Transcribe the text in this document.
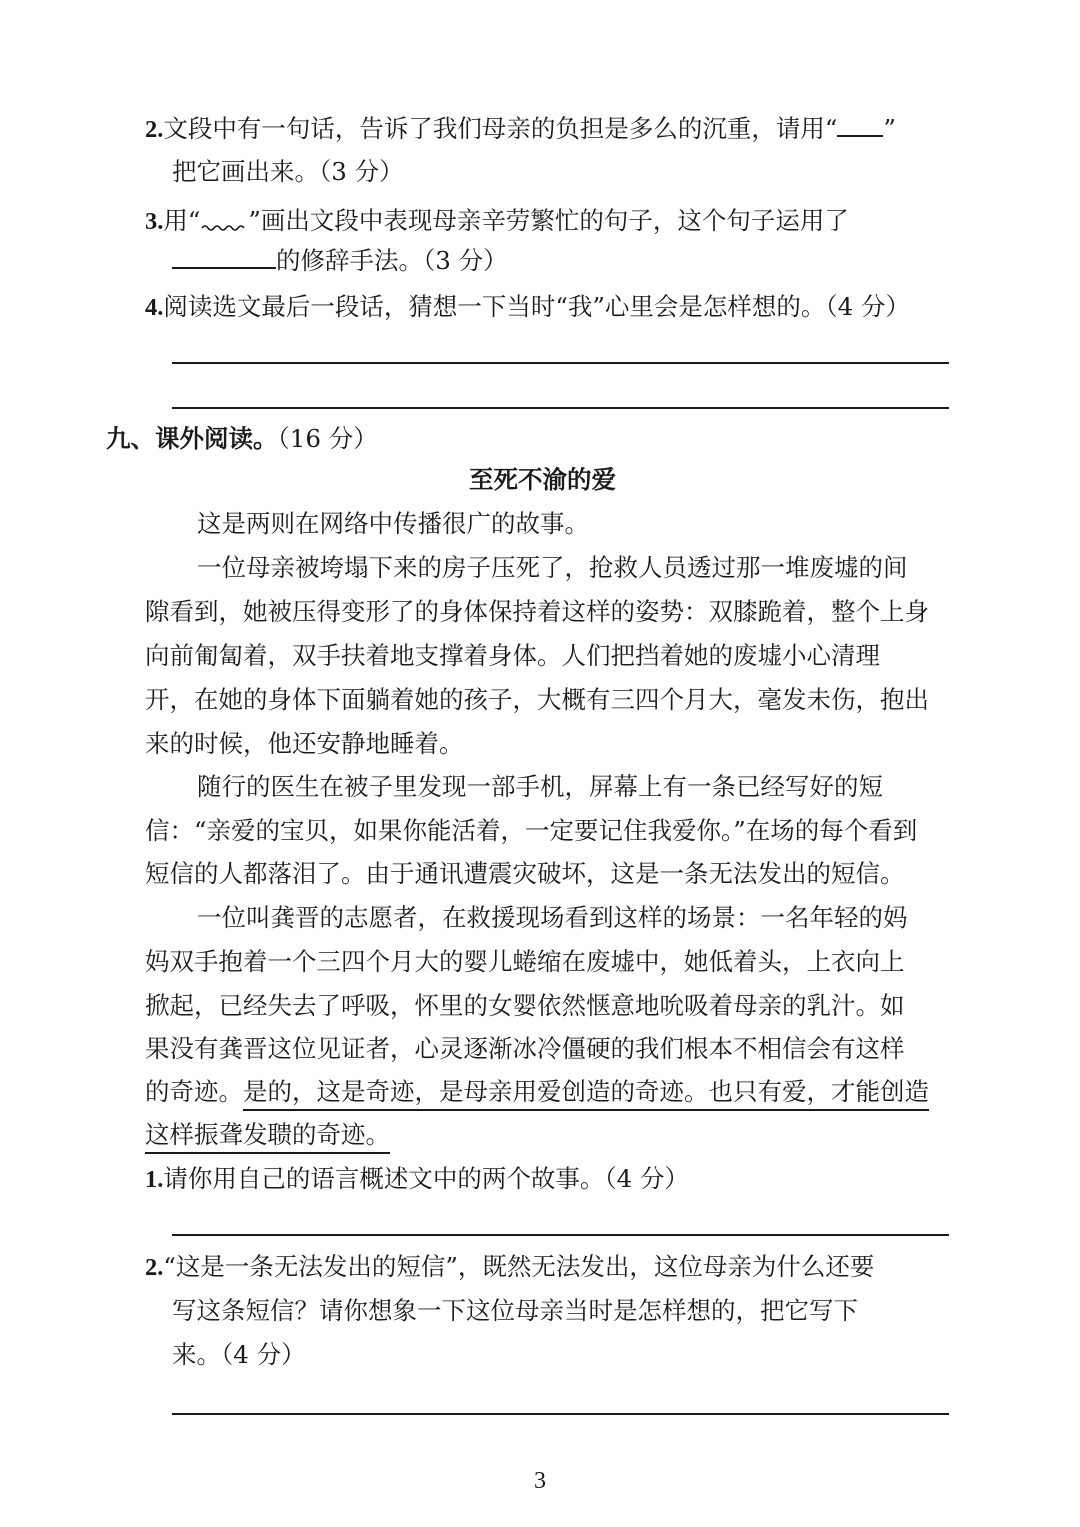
2.文段中有一句话，告诉了我们母亲的负担是多么的沉重，请用“ ”
把它画出来。（3 分）
3.用“ ”画出文段中表现母亲辛劳繁忙的句子，这个句子运用了
的修辞手法。（3 分）
4.阅读选文最后一段话，猜想一下当时“我”心里会是怎样想的。（4 分）
九、课外阅读。（16 分）
至死不渝的爱
这是两则在网络中传播很广的故事。
一位母亲被垮塌下来的房子压死了，抢救人员透过那一堆废墟的间
隙看到，她被压得变形了的身体保持着这样的姿势：双膝跪着，整个上身
向前匍匐着，双手扶着地支撑着身体。人们把挡着她的废墟小心清理
开，在她的身体下面躺着她的孩子，大概有三四个月大，毫发未伤，抱出
来的时候，他还安静地睡着。
随行的医生在被子里发现一部手机，屏幕上有一条已经写好的短
信：“亲爱的宝贝，如果你能活着，一定要记住我爱你。”在场的每个看到
短信的人都落泪了。由于通讯遭震灾破坏，这是一条无法发出的短信。
一位叫龚晋的志愿者，在救援现场看到这样的场景：一名年轻的妈
妈双手抱着一个三四个月大的婴儿蜷缩在废墟中，她低着头，上衣向上
掀起，已经失去了呼吸，怀里的女婴依然惬意地吮吸着母亲的乳汁。如
果没有龚晋这位见证者，心灵逐渐冰冷僵硬的我们根本不相信会有这样
的奇迹。是的，这是奇迹，是母亲用爱创造的奇迹。也只有爱，才能创造
这样振聋发聩的奇迹。
1.请你用自己的语言概述文中的两个故事。（4 分）
2.“这是一条无法发出的短信”，既然无法发出，这位母亲为什么还要
写这条短信？请你想象一下这位母亲当时是怎样想的，把它写下
来。（4 分）
3
